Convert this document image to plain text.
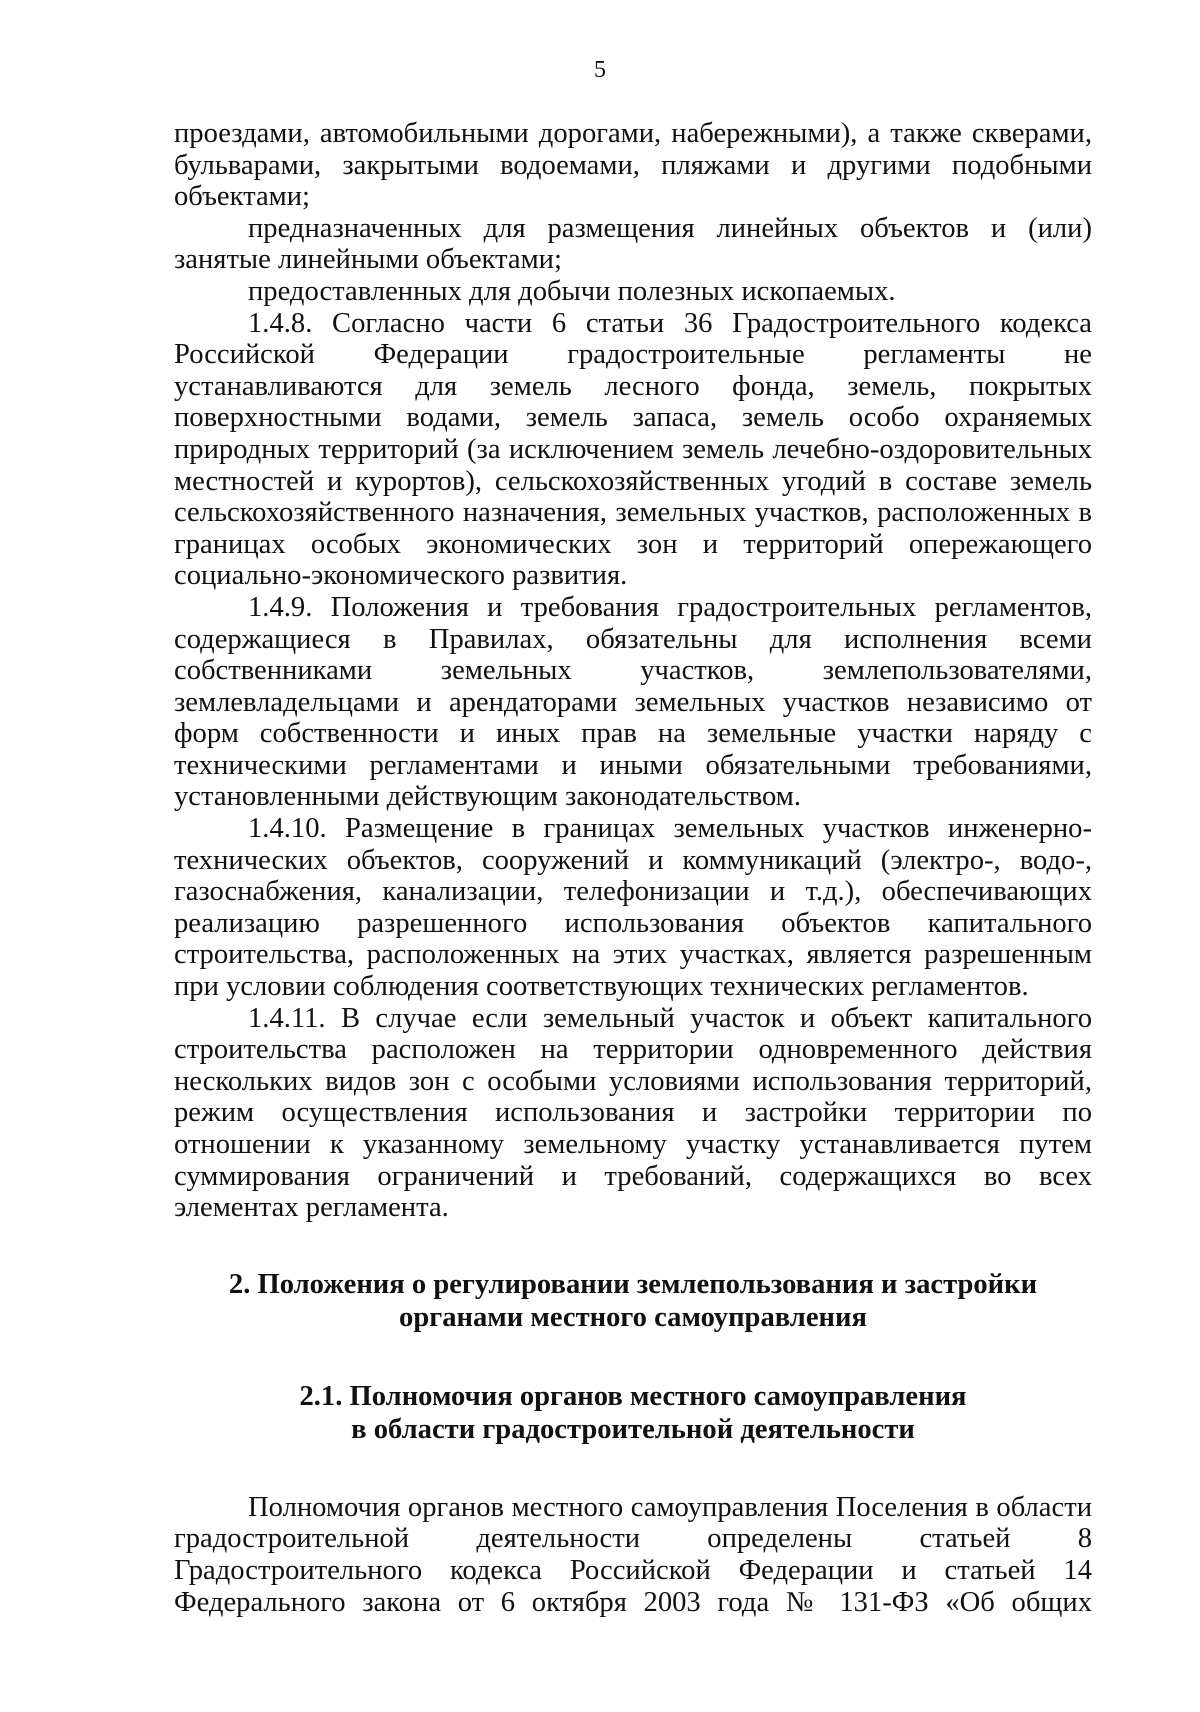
5

проездами, автомобильными дорогами, набережными), а также скверами, бульварами, закрытыми водоемами, пляжами и другими подобными объектами;

предназначенных для размещения линейных объектов и (или) занятые линейными объектами;

предоставленных для добычи полезных ископаемых.

1.4.8. Согласно части 6 статьи 36 Градостроительного кодекса Российской Федерации градостроительные регламенты не устанавливаются для земель лесного фонда, земель, покрытых поверхностными водами, земель запаса, земель особо охраняемых природных территорий (за исключением земель лечебно-оздоровительных местностей и курортов), сельскохозяйственных угодий в составе земель сельскохозяйственного назначения, земельных участков, расположенных в границах особых экономических зон и территорий опережающего социально-экономического развития.

1.4.9. Положения и требования градостроительных регламентов, содержащиеся в Правилах, обязательны для исполнения всеми собственниками земельных участков, землепользователями, землевладельцами и арендаторами земельных участков независимо от форм собственности и иных прав на земельные участки наряду с техническими регламентами и иными обязательными требованиями, установленными действующим законодательством.

1.4.10. Размещение в границах земельных участков инженерно-технических объектов, сооружений и коммуникаций (электро-, водо-, газоснабжения, канализации, телефонизации и т.д.), обеспечивающих реализацию разрешенного использования объектов капитального строительства, расположенных на этих участках, является разрешенным при условии соблюдения соответствующих технических регламентов.

1.4.11. В случае если земельный участок и объект капитального строительства расположен на территории одновременного действия нескольких видов зон с особыми условиями использования территорий, режим осуществления использования и застройки территории по отношении к указанному земельному участку устанавливается путем суммирования ограничений и требований, содержащихся во всех элементах регламента.

2. Положения о регулировании землепользования и застройки
органами местного самоуправления
2.1. Полномочия органов местного самоуправления
в области градостроительной деятельности

Полномочия органов местного самоуправления Поселения в области градостроительной деятельности определены статьей 8 Градостроительного кодекса Российской Федерации и статьей 14 Федерального закона от 6 октября 2003 года № 131-ФЗ «Об общих
